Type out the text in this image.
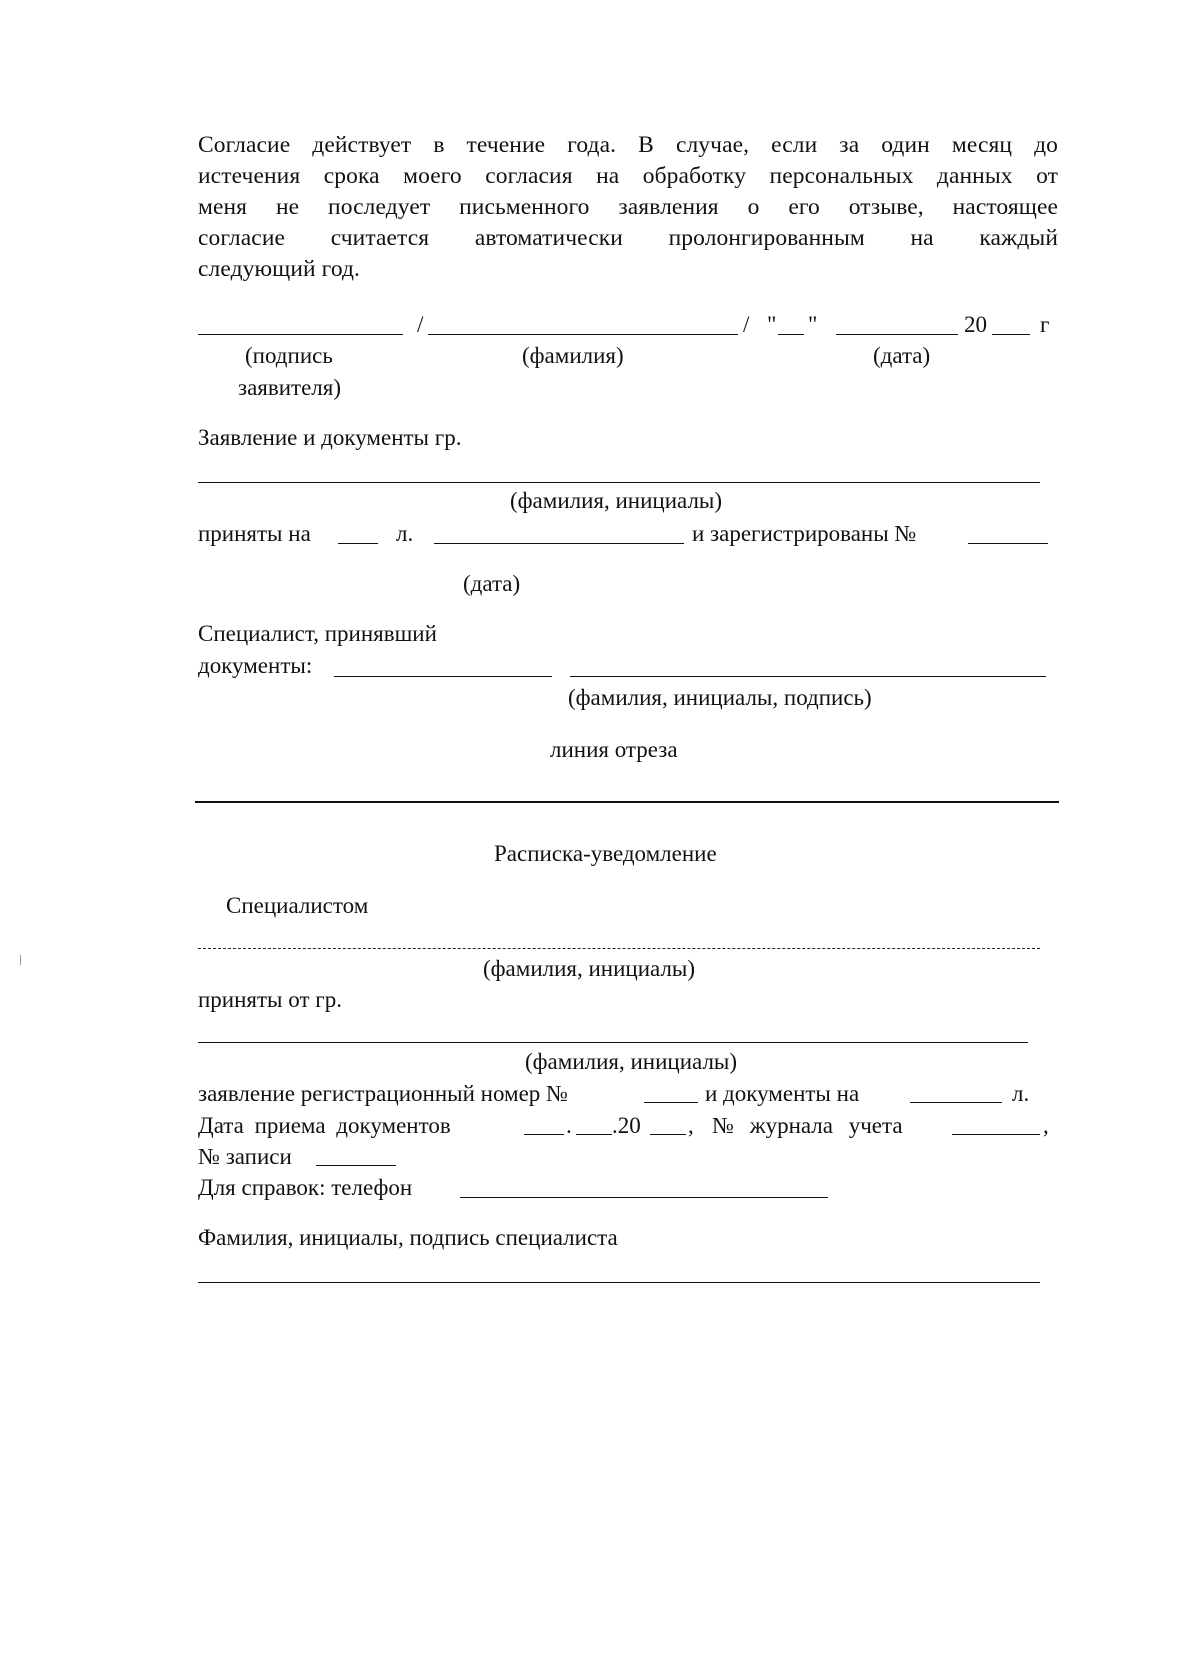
Согласие действует в течение года. В случае, если за один месяц до
истечения срока моего согласия на обработку персональных данных от
меня не последует письменного заявления о его отзыве, настоящее
согласие считается автоматически пролонгированным на каждый
следующий год.
/	/ " "	20 г
(подпись
заявителя)
(фамилия)	(дата)
Заявление и документы гр.
(фамилия, инициалы)
приняты на	л.	и зарегистрированы №
(дата)
Специалист, принявший
документы:
(фамилия, инициалы, подпись)
линия отреза
Расписка-уведомление
Специалистом
(фамилия, инициалы)
приняты от гр.
(фамилия, инициалы)
заявление регистрационный номер №	и документы на	л.
Дата приема документов	. .20 , № журнала учета	,
№ записи
Для справок: телефон
Фамилия, инициалы, подпись специалиста
